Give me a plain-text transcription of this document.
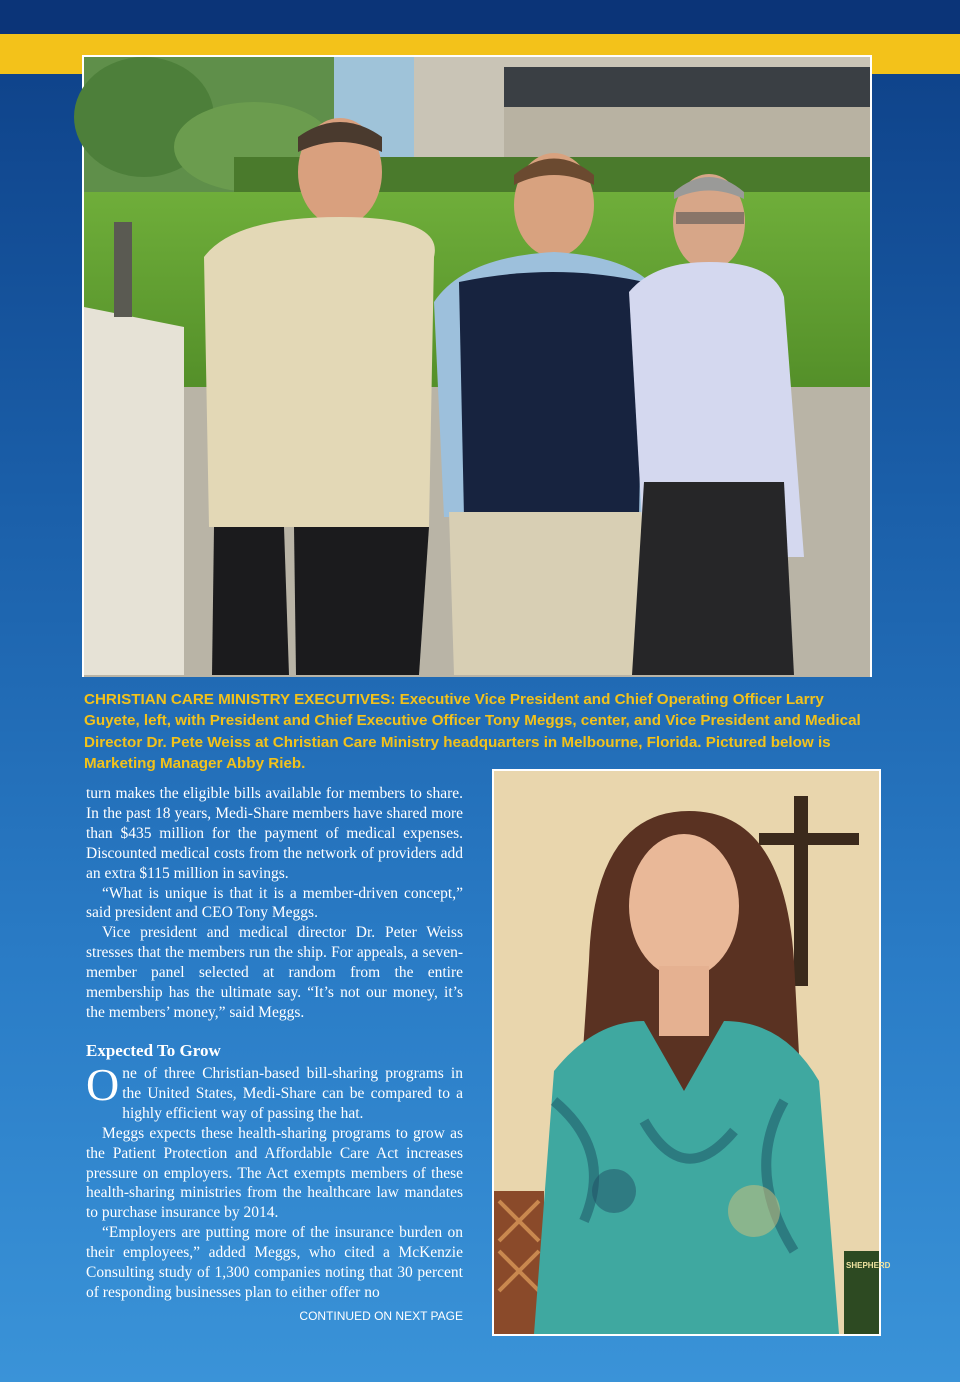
CHRISTIAN CARE MINISTRY EXECUTIVES: Executive Vice President and Chief Operating Officer Larry Guyete, left, with President and Chief Executive Officer Tony Meggs, center, and Vice President and Medical Director Dr. Pete Weiss at Christian Care Ministry headquarters in Melbourne, Florida. Pictured below is Marketing Manager Abby Rieb.

turn makes the eligible bills available for members to share. In the past 18 years, Medi-Share members have shared more than $435 million for the payment of medical expenses. Discounted medical costs from the network of providers add an extra $115 million in savings.

“What is unique is that it is a member-driven concept,” said president and CEO Tony Meggs.

Vice president and medical director Dr. Peter Weiss stresses that the members run the ship. For appeals, a seven-member panel selected at random from the entire membership has the ultimate say. “It’s not our money, it’s the members’ money,” said Meggs.

Expected To Grow

One of three Christian-based bill-sharing programs in the United States, Medi-Share can be compared to a highly efficient way of passing the hat.

Meggs expects these health-sharing programs to grow as the Patient Protection and Affordable Care Act increases pressure on employers. The Act exempts members of these health-sharing ministries from the healthcare law mandates to purchase insurance by 2014.

“Employers are putting more of the insurance burden on their employees,” added Meggs, who cited a McKenzie Consulting study of 1,300 companies noting that 30 percent of responding businesses plan to either offer no

CONTINUED ON NEXT PAGE
SHEPHERD
